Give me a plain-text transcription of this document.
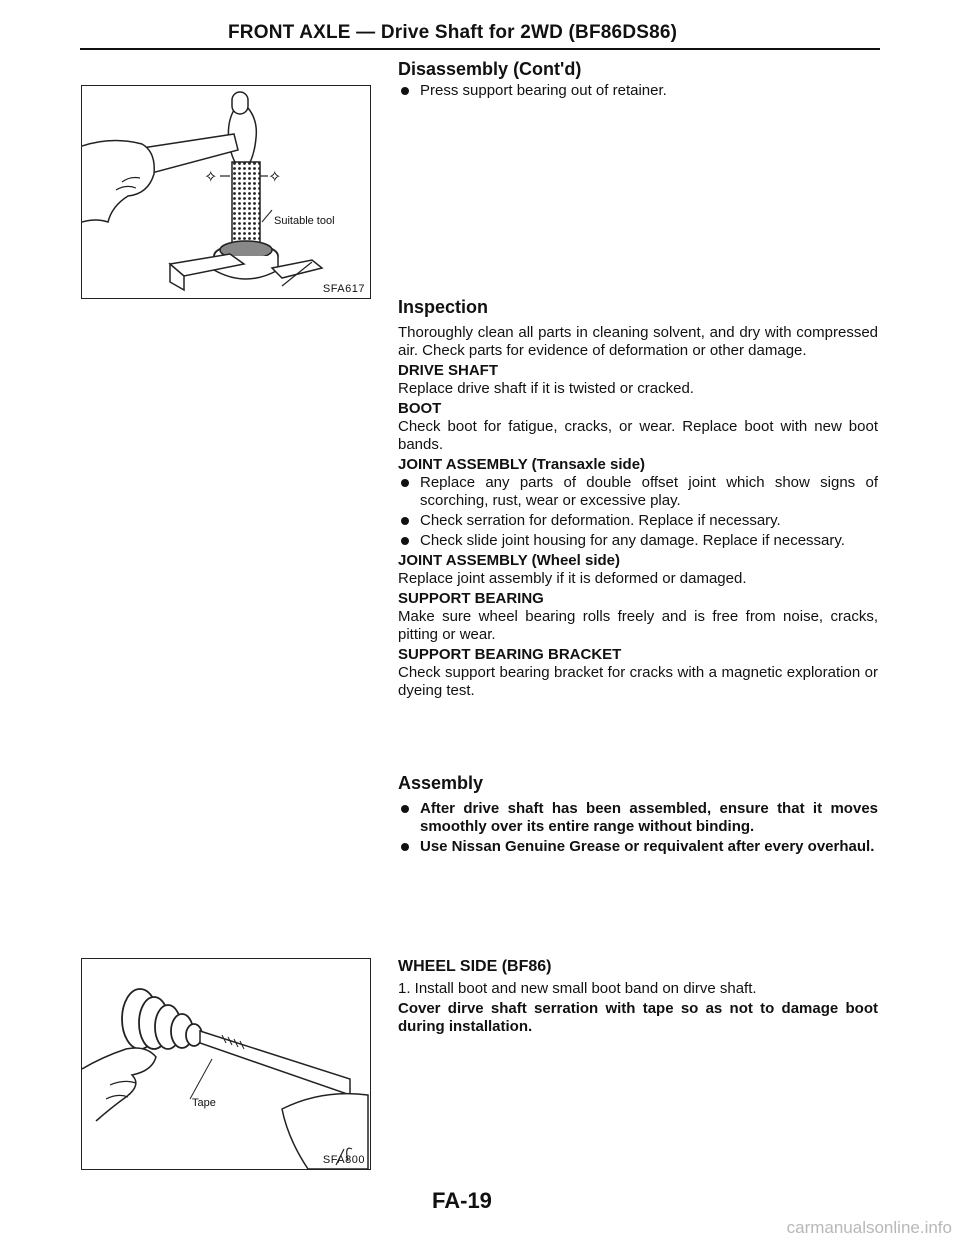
FRONT AXLE — Drive Shaft for 2WD (BF86DS86)
✧	✧
Suitable tool
SFA617
Tape
SFA800
Disassembly (Cont'd)
Press support bearing out of retainer.
Inspection

Thoroughly clean all parts in cleaning solvent, and dry with compressed air. Check parts for evidence of deformation or other damage.

DRIVE SHAFT

Replace drive shaft if it is twisted or cracked.

BOOT

Check boot for fatigue, cracks, or wear. Replace boot with new boot bands.

JOINT ASSEMBLY (Transaxle side)
Replace any parts of double offset joint which show signs of scorching, rust, wear or excessive play.
Check serration for deformation. Replace if necessary.
Check slide joint housing for any damage. Replace if necessary.
JOINT ASSEMBLY (Wheel side)

Replace joint assembly if it is deformed or damaged.

SUPPORT BEARING

Make sure wheel bearing rolls freely and is free from noise, cracks, pitting or wear.

SUPPORT BEARING BRACKET

Check support bearing bracket for cracks with a magnetic exploration or dyeing test.

Assembly
After drive shaft has been assembled, ensure that it moves smoothly over its entire range without binding.
Use Nissan Genuine Grease or requivalent after every overhaul.
WHEEL SIDE (BF86)

1. Install boot and new small boot band on dirve shaft.

Cover dirve shaft serration with tape so as not to damage boot during installation.

FA-19
carmanualsonline.info
